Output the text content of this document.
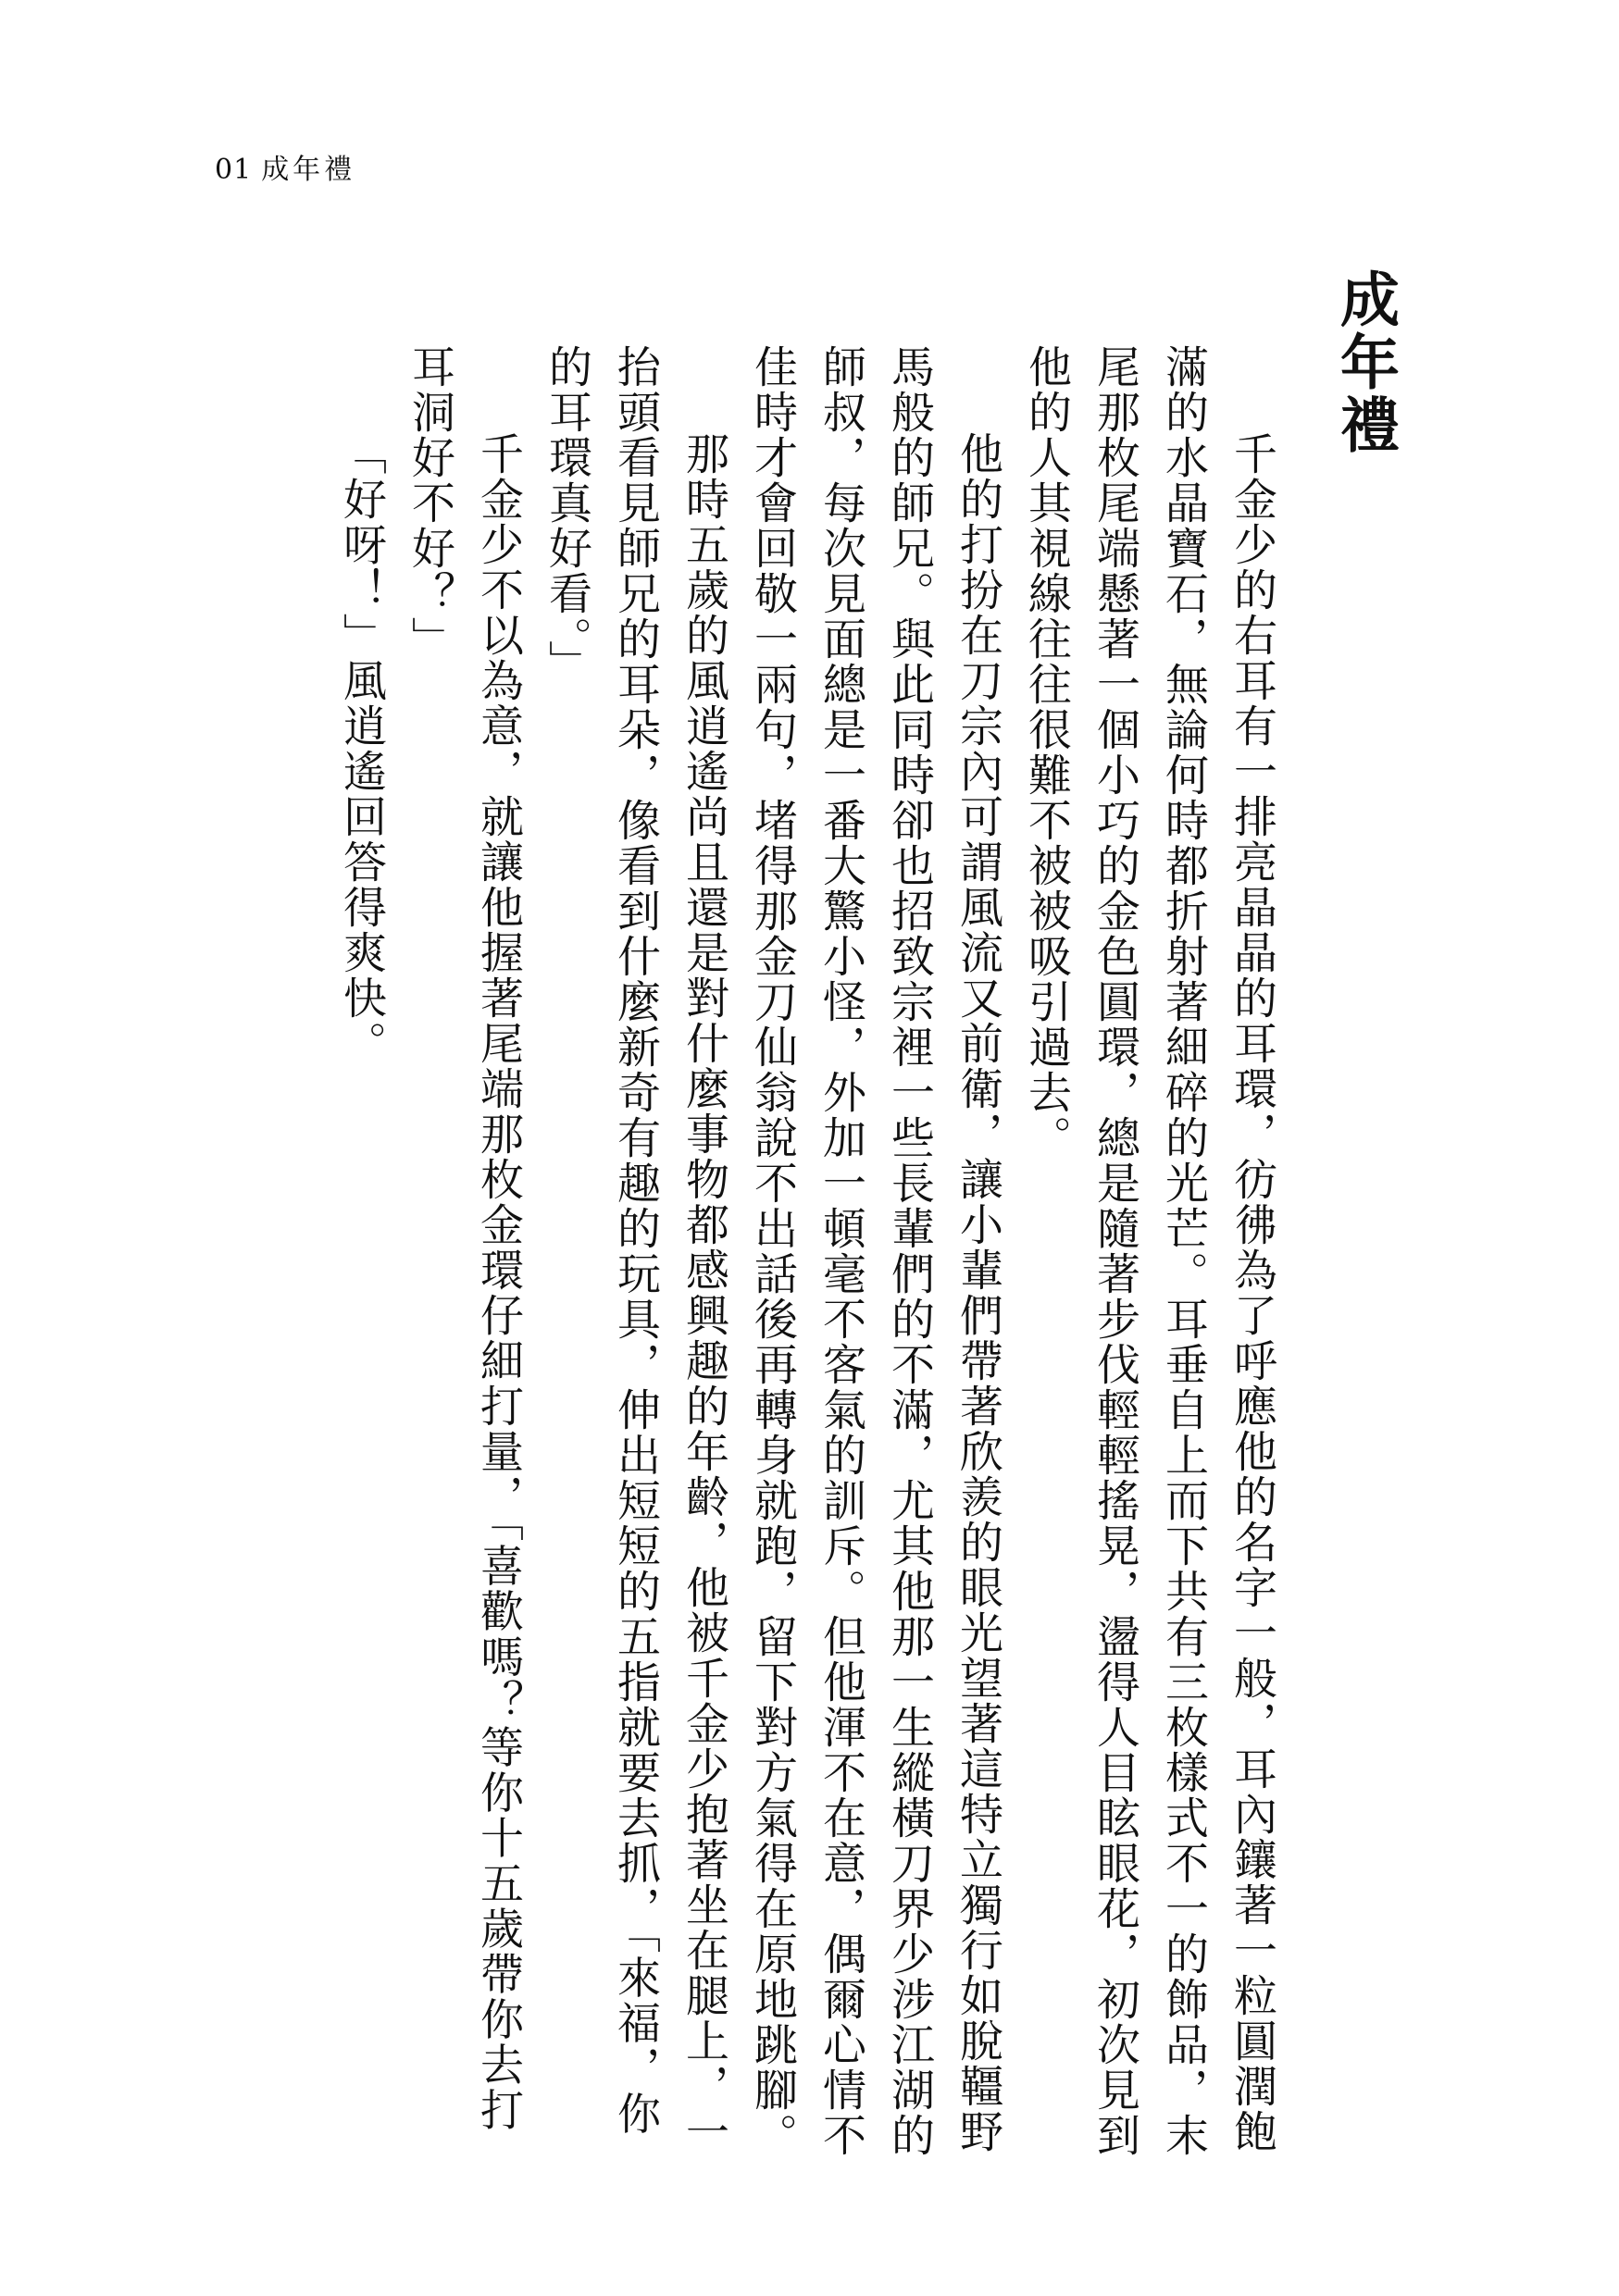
01 成年禮
成年禮

千金少的右耳有一排亮晶晶的耳環，彷彿為了呼應他的名字一般，耳內鑲著一粒圓潤飽滿的水晶寶石，無論何時都折射著細碎的光芒。耳垂自上而下共有三枚樣式不一的飾品，末尾那枚尾端懸著一個小巧的金色圓環，總是隨著步伐輕輕搖晃，盪得人目眩眼花，初次見到他的人其視線往往很難不被被吸引過去。

他的打扮在刀宗內可謂風流又前衛，讓小輩們帶著欣羨的眼光望著這特立獨行如脫韁野馬般的師兄。與此同時卻也招致宗裡一些長輩們的不滿，尤其他那一生縱橫刀界少涉江湖的師叔，每次見面總是一番大驚小怪，外加一頓毫不客氣的訓斥。但他渾不在意，偶爾心情不佳時才會回敬一兩句，堵得那金刀仙翁說不出話後再轉身就跑，留下對方氣得在原地跳腳。

那時五歲的風逍遙尚且還是對什麼事物都感興趣的年齡，他被千金少抱著坐在腿上，一抬頭看見師兄的耳朵，像看到什麼新奇有趣的玩具，伸出短短的五指就要去抓，「來福，你的耳環真好看。」

千金少不以為意，就讓他握著尾端那枚金環仔細打量，「喜歡嗎？等你十五歲帶你去打耳洞好不好？」

「好呀！」風逍遙回答得爽快。
